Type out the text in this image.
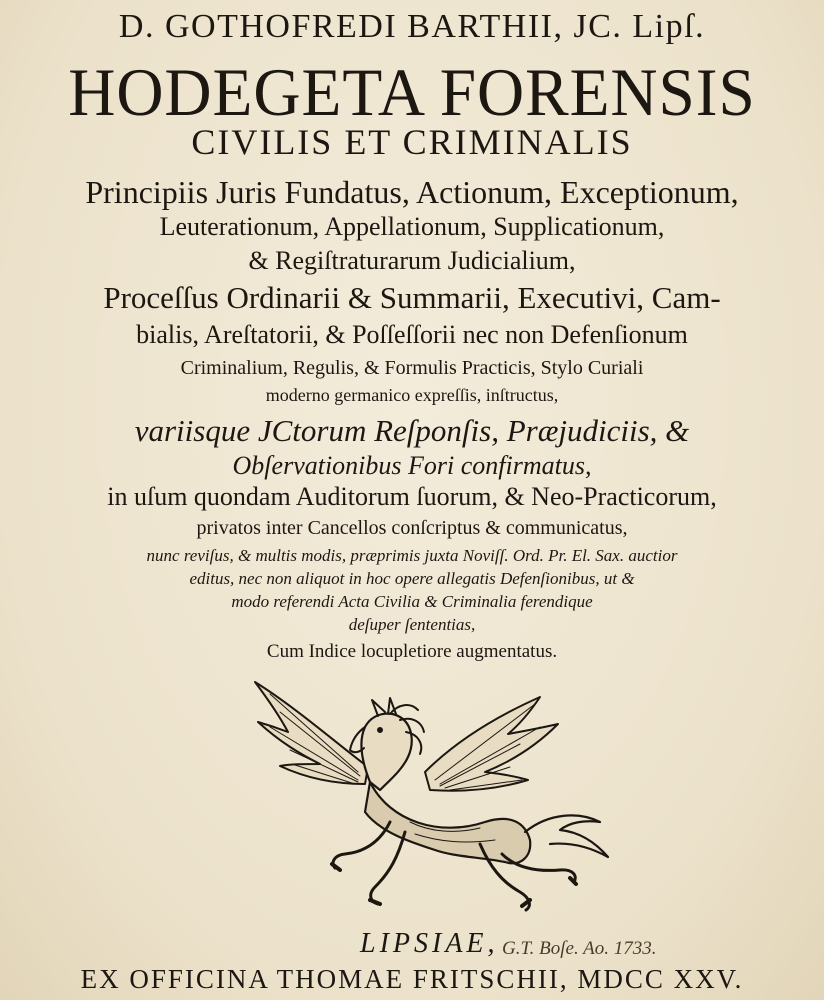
D. GOTHOFREDI BARTHII, JC. Lipſ.
HODEGETA FORENSIS
CIVILIS ET CRIMINALIS
Principiis Juris Fundatus, Actionum, Exceptionum,
Leuterationum, Appellationum, Supplicationum,
& Regiſtraturarum Judicialium,
Proceſſus Ordinarii & Summarii, Executivi, Cam-
bialis, Areſtatorii, & Poſſeſſorii nec non Defenſionum
Criminalium, Regulis, & Formulis Practicis, Stylo Curiali
moderno germanico expreſſis, inſtructus,
variisque JCtorum Reſponſis, Præjudiciis, &
Obſervationibus Fori confirmatus,
in uſum quondam Auditorum ſuorum, & Neo-Practicorum,
privatos inter Cancellos conſcriptus & communicatus,
nunc reviſus, & multis modis, præprimis juxta Noviſſ. Ord. Pr. El. Sax. auctior
editus, nec non aliquot in hoc opere allegatis Defenſionibus, ut &
modo referendi Acta Civilia & Criminalia ferendique
deſuper ſententias,
Cum Indice locupletiore augmentatus.
LIPSIAE, G.T. Boſe. Ao. 1733.
EX OFFICINA THOMAE FRITSCHII, MDCC XXV.
